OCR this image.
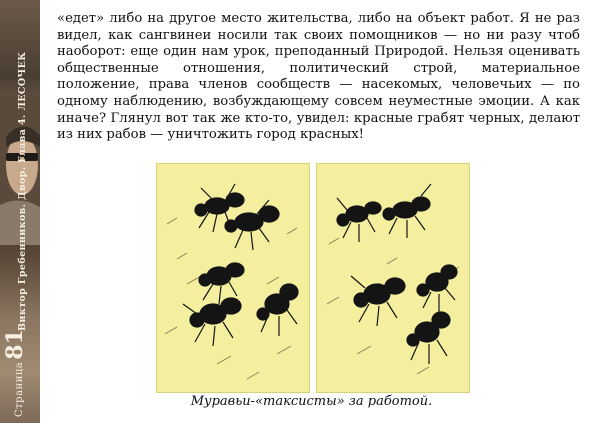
Виктор Гребенников. Двор. Глава 4. ЛЕСОЧЕК
Страница
81
«едет» либо на другое место жительства, либо на объект работ. Я не раз видел, как сангвинеи носили так своих помощников — но ни разу чтоб наоборот: еще один нам урок, преподанный Природой. Нельзя оценивать общественные отношения, политический строй, материальное положение, права членов сообществ — насекомых, человечьих — по одному наблюдению, возбуждающему совсем неуместные эмоции. А как иначе? Глянул вот так же кто-то, увидел: красные грабят черных, делают из них рабов — уничтожить город красных!
Муравьи-«таксисты» за работой.
